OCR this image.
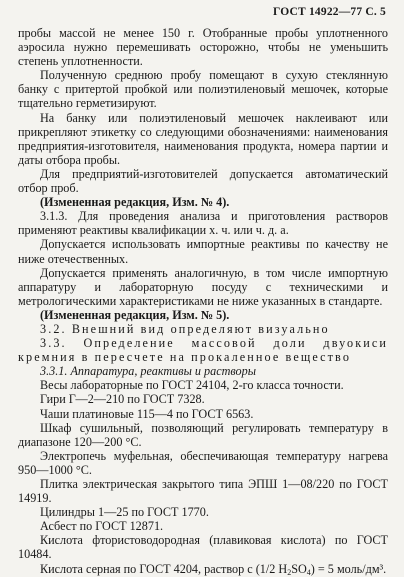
ГОСТ 14922—77 С. 5

пробы массой не менее 150 г. Отобранные пробы уплотненного аэросила нужно перемешивать осторожно, чтобы не уменьшить степень уплотненности.

Полученную среднюю пробу помещают в сухую стеклянную банку с притертой пробкой или полиэтиленовый мешочек, которые тщательно герметизируют.

На банку или полиэтиленовый мешочек наклеивают или прикрепляют этикетку со следующими обозначениями: наименования предприятия-изготовителя, наименования продукта, номера партии и даты отбора пробы.

Для предприятий-изготовителей допускается автоматический отбор проб.

(Измененная редакция, Изм. № 4).

3.1.3. Для проведения анализа и приготовления растворов применяют реактивы квалификации х. ч. или ч. д. а.

Допускается использовать импортные реактивы по качеству не ниже отечественных.

Допускается применять аналогичную, в том числе импортную аппаратуру и лабораторную посуду с техническими и метрологическими характеристиками не ниже указанных в стандарте.

(Измененная редакция, Изм. № 5).

3.2. Внешний вид определяют визуально

3.3. Определение массовой доли двуокиси кремния в пересчете на прокаленное вещество

3.3.1. Аппаратура, реактивы и растворы

Весы лабораторные по ГОСТ 24104, 2-го класса точности.

Гири Г—2—210 по ГОСТ 7328.

Чаши платиновые 115—4 по ГОСТ 6563.

Шкаф сушильный, позволяющий регулировать температуру в диапазоне 120—200 °С.

Электропечь муфельная, обеспечивающая температуру нагрева 950—1000 °С.

Плитка электрическая закрытого типа ЭПШ 1—08/220 по ГОСТ 14919.

Цилиндры 1—25 по ГОСТ 1770.

Асбест по ГОСТ 12871.

Кислота фтористоводородная (плавиковая кислота) по ГОСТ 10484.

Кислота серная по ГОСТ 4204, раствор с (1/2 $H_2SO_4) = 5$ моль/дм³.
